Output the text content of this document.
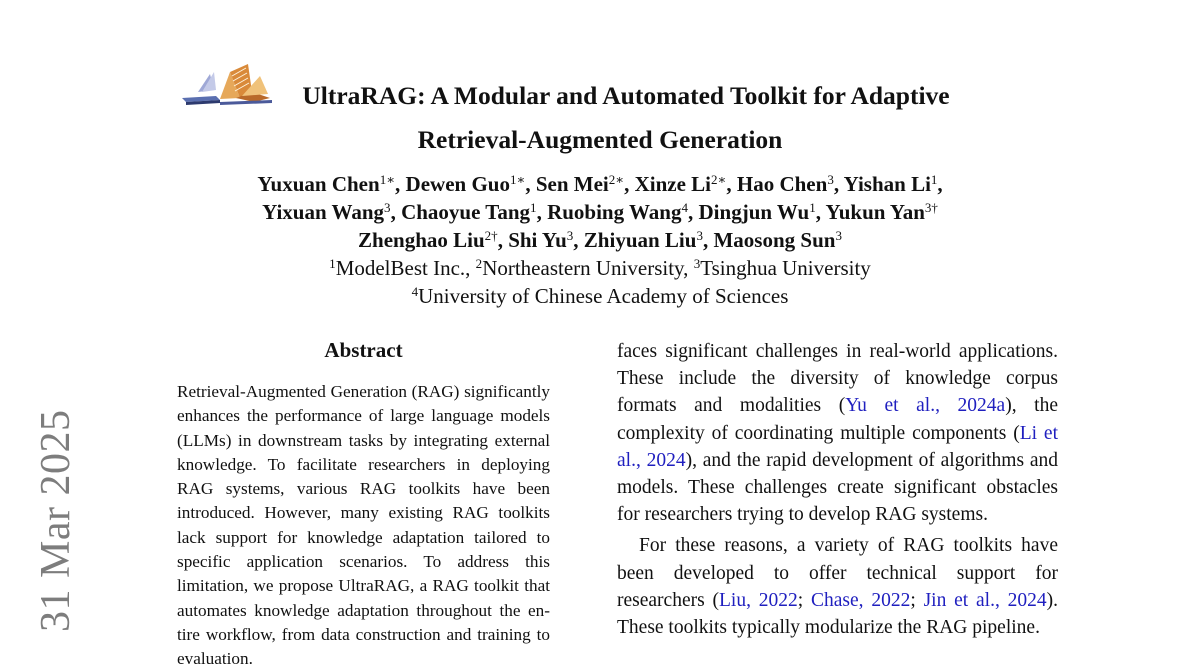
31 Mar 2025
UltraRAG: A Modular and Automated Toolkit for Adaptive
Retrieval-Augmented Generation
Yuxuan Chen$^{1∗}$, Dewen Guo$^{1∗}$, Sen Mei$^{2∗}$, Xinze $Li^{2∗}$, Hao Chen$^3$, Yishan Li$^1$,
Yixuan Wang$^3$, Chaoyue Tang$^1$, Ruobing Wang$^4$, Dingjun Wu$^1$, Yukun Yan$^{3\dagger}$
Zhenghao Liu$^{2\dagger}$, Shi Yu$^3$, Zhiyuan Liu$^3$, Maosong Sun$^3$
$^1$ModelBest Inc., $^2$Northeastern University, $^3$Tsinghua University
$^4$University of Chinese Academy of Sciences
Abstract
Retrieval-Augmented Generation (RAG) significantly enhances the performance of large language models (LLMs) in downstream tasks by integrating external knowledge. To facilitate researchers in deploying RAG systems, various RAG toolkits have been introduced. However, many existing RAG toolkits lack support for knowledge adaptation tailored to specific application scenarios. To address this limitation, we propose UltraRAG, a RAG toolkit that automates knowledge adaptation throughout the entire workflow, from data construction and training to evaluation.

faces significant challenges in real-world applications. These include the diversity of knowledge corpus formats and modalities (Yu et al., 2024a), the complexity of coordinating multiple components (Li et al., 2024), and the rapid development of algorithms and models. These challenges create significant obstacles for researchers trying to develop RAG systems.

For these reasons, a variety of RAG toolkits have been developed to offer technical support for researchers (Liu, 2022; Chase, 2022; Jin et al., 2024). These toolkits typically modularize the RAG pipeline.
